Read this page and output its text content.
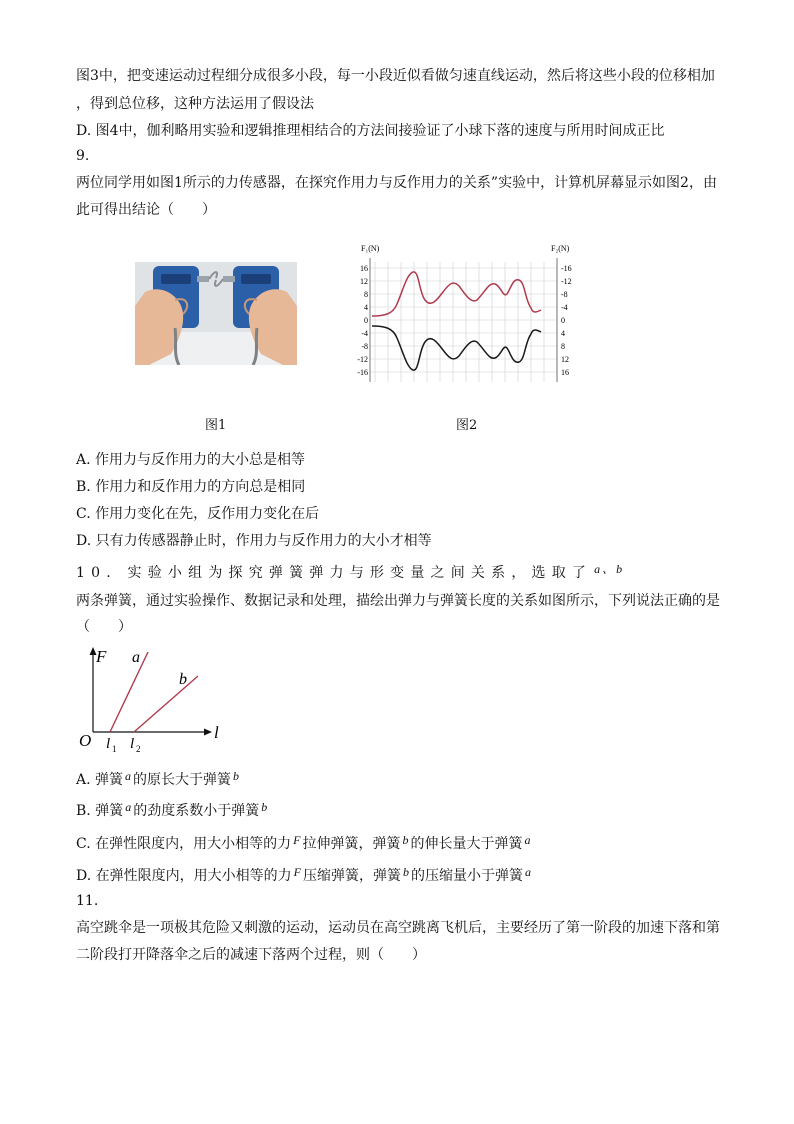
图3中，把变速运动过程细分成很多小段，每一小段近似看做匀速直线运动，然后将这些小段的位移相加
，得到总位移，这种方法运用了假设法
D. 图4中，伽利略用实验和逻辑推理相结合的方法间接验证了小球下落的速度与所用时间成正比
9.
两位同学用如图1所示的力传感器，在探究作用力与反作用力的关系”实验中，计算机屏幕显示如图2，由
此可得出结论（　　）
F₁(N)	F₂(N)
16
12
8
4
0
-4
-8
-12
-16
-16
-12
-8
-4
0
4
8
12
16
图1	图2
A. 作用力与反作用力的大小总是相等
B. 作用力和反作用力的方向总是相同
C. 作用力变化在先，反作用力变化在后
D. 只有力传感器静止时，作用力与反作用力的大小才相等
10. 实验小组为探究弹簧弹力与形变量之间关系，选取了 a、b
两条弹簧，通过实验操作、数据记录和处理，描绘出弹力与弹簧长度的关系如图所示，下列说法正确的是
（　　）
F
l
O
a
b
l 1 l 2
A. 弹簧 a 的原长大于弹簧 b
B. 弹簧 a 的劲度系数小于弹簧 b
C. 在弹性限度内，用大小相等的力 F 拉伸弹簧，弹簧 b 的伸长量大于弹簧 a
D. 在弹性限度内，用大小相等的力 F 压缩弹簧，弹簧 b 的压缩量小于弹簧 a
11.
高空跳伞是一项极其危险又刺激的运动，运动员在高空跳离飞机后，主要经历了第一阶段的加速下落和第
二阶段打开降落伞之后的减速下落两个过程，则（　　）
